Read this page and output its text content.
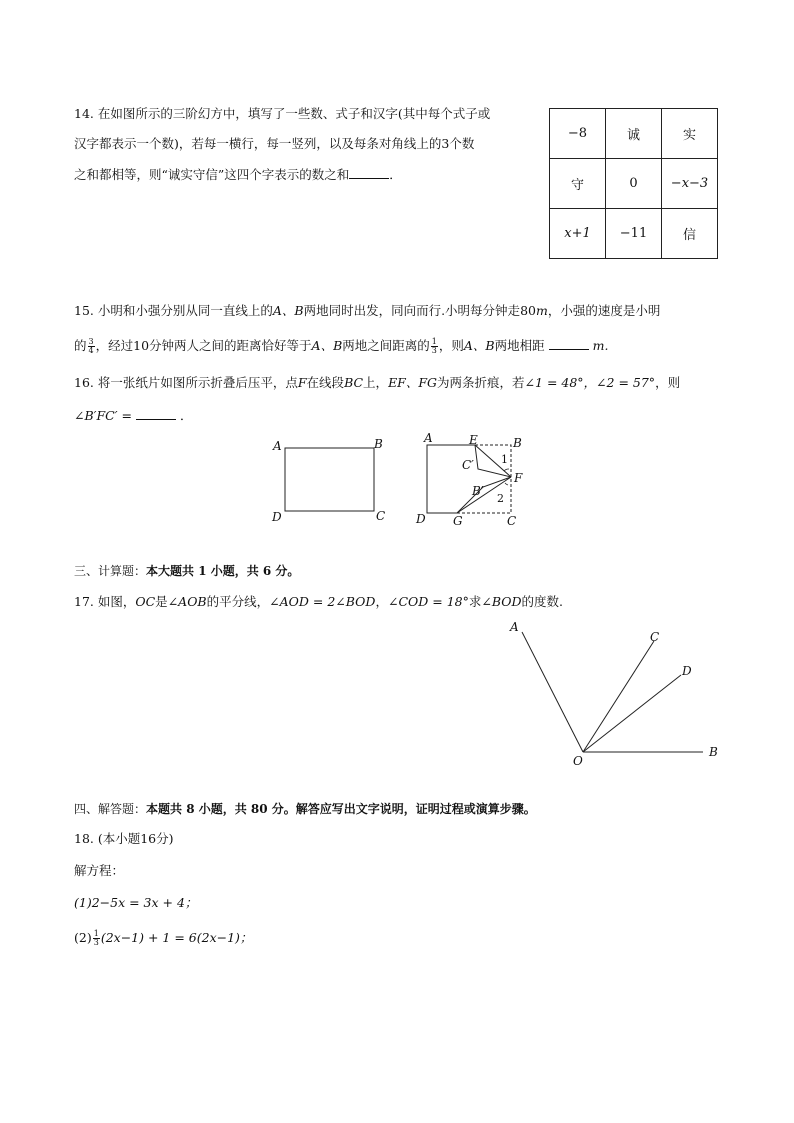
14. 在如图所示的三阶幻方中，填写了一些数、式子和汉字(其中每个式子或
汉字都表示一个数)，若每一横行，每一竖列，以及每条对角线上的3个数
之和都相等，则“诚实守信”这四个字表示的数之和	．
−8	诚	实
守	0	−x−3
x+1	−11	信
15. 小明和小强分别从同一直线上的A、B两地同时出发，同向而行.小明每分钟走80m，小强的速度是小明
的 $\frac{3}{4}$ ，经过10分钟两人之间的距离恰好等于A、B两地之间距离的 $\frac{1}{3}$ ，则A、B两地相距	m.
16. 将一张纸片如图所示折叠后压平，点F在线段BC上，EF、FG为两条折痕，若∠1 = 48°，∠2 = 57°，则
∠B′FC′ =	．
A	B
D	C
A	E	B
C′ 1
F
B′
2
D G	C
三、计算题：本大题共 1 小题，共 6 分。
17. 如图，OC是∠AOB的平分线，∠AOD = 2∠BOD，∠COD = 18°求∠BOD的度数.
A
C
D
O
B
四、解答题：本题共 8 小题，共 80 分。解答应写出文字说明，证明过程或演算步骤。
18. (本小题16分)
解方程：
(1)2−5x = 3x + 4；
$(2) \frac{1}{3} (2x-1) + 1 = 6(2x-1)$；
